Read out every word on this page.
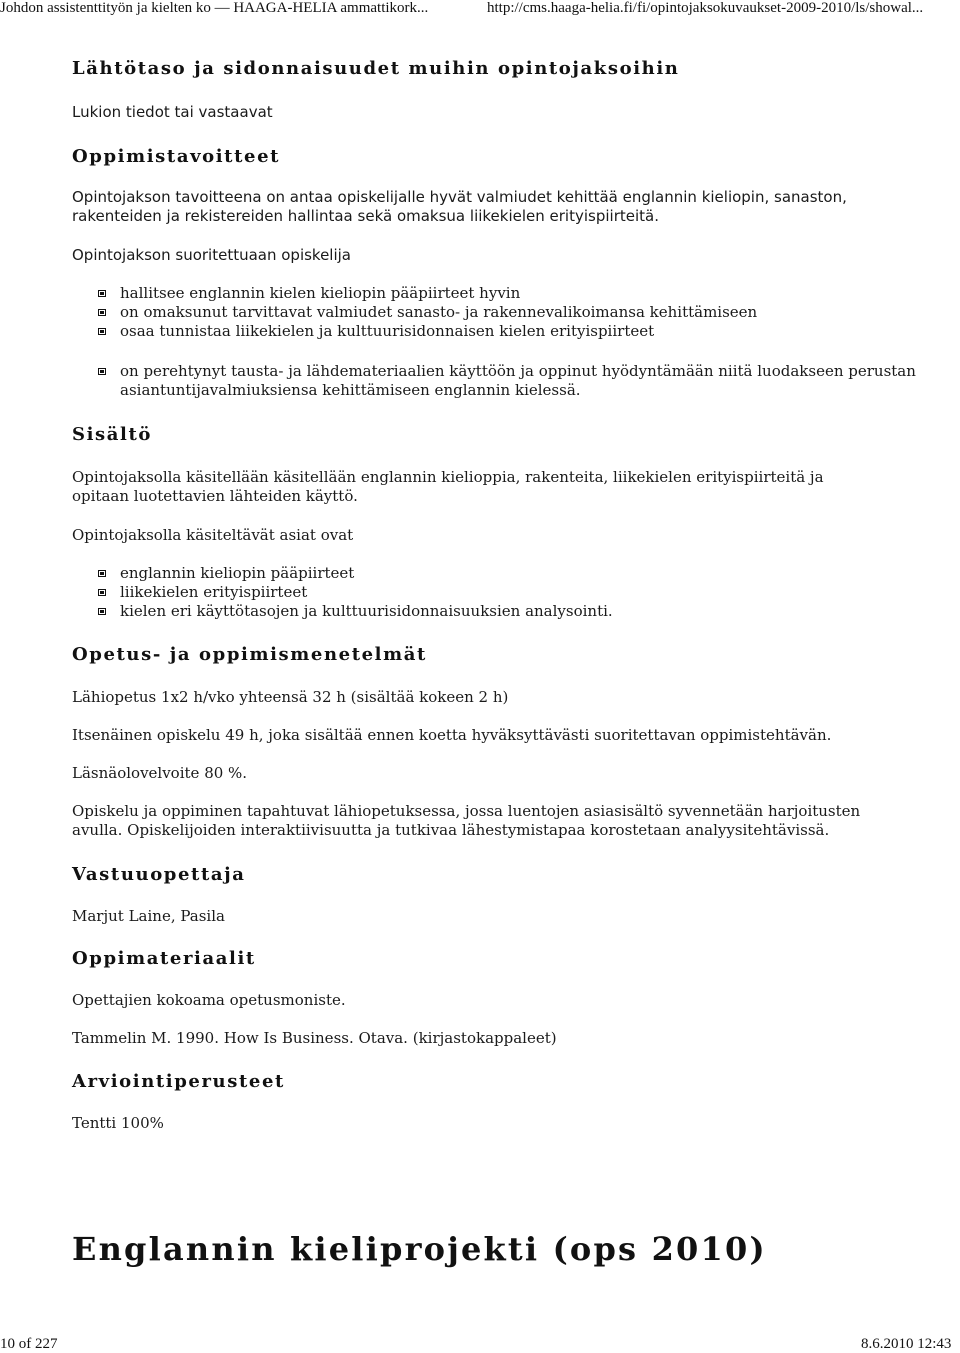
Johdon assistenttityön ja kielten ko — HAAGA-HELIA ammattikork...	http://cms.haaga-helia.fi/fi/opintojaksokuvaukset-2009-2010/ls/showal...
Lähtötaso ja sidonnaisuudet muihin opintojaksoihin

Lukion tiedot tai vastaavat

Oppimistavoitteet

Opintojakson tavoitteena on antaa opiskelijalle hyvät valmiudet kehittää englannin kieliopin, sanaston, rakenteiden ja rekistereiden hallintaa sekä omaksua liikekielen erityispiirteitä.

Opintojakson suoritettuaan opiskelija

hallitsee englannin kielen kieliopin pääpiirteet hyvin
on omaksunut tarvittavat valmiudet sanasto- ja rakennevalikoimansa kehittämiseen
osaa tunnistaa liikekielen ja kulttuurisidonnaisen kielen erityispiirteet
on perehtynyt tausta- ja lähdemateriaalien käyttöön ja oppinut hyödyntämään niitä luodakseen perustan asiantuntijavalmiuksiensa kehittämiseen englannin kielessä.
Sisältö

Opintojaksolla käsitellään käsitellään englannin kielioppia, rakenteita, liikekielen erityispiirteitä ja opitaan luotettavien lähteiden käyttö.

Opintojaksolla käsiteltävät asiat ovat

englannin kieliopin pääpiirteet
liikekielen erityispiirteet
kielen eri käyttötasojen ja kulttuurisidonnaisuuksien analysointi.
Opetus- ja oppimismenetelmät

Lähiopetus 1x2 h/vko yhteensä 32 h (sisältää kokeen 2 h)

Itsenäinen opiskelu 49 h, joka sisältää ennen koetta hyväksyttävästi suoritettavan oppimistehtävän.

Läsnäolovelvoite 80 %.

Opiskelu ja oppiminen tapahtuvat lähiopetuksessa, jossa luentojen asiasisältö syvennetään harjoitusten avulla. Opiskelijoiden interaktiivisuutta ja tutkivaa lähestymistapaa korostetaan analyysitehtävissä.

Vastuuopettaja

Marjut Laine, Pasila

Oppimateriaalit

Opettajien kokoama opetusmoniste.

Tammelin M. 1990. How Is Business. Otava. (kirjastokappaleet)

Arviointiperusteet

Tentti 100%

Englannin kieliprojekti (ops 2010)
10 of 227	8.6.2010 12:43
